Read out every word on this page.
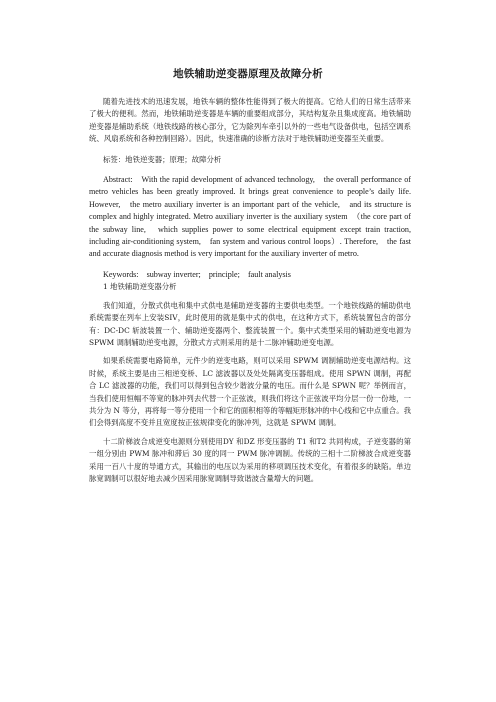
地铁辅助逆变器原理及故障分析

随着先进技术的迅速发展，地铁车辆的整体性能得到了极大的提高。它给人们的日常生活带来了极大的便利。然而，地铁辅助逆变器是车辆的重要组成部分，其结构复杂且集成度高。地铁辅助逆变器是辅助系统（地铁线路的核心部分，它为除列车牵引以外的一些电气设备供电，包括空调系统、风扇系统和各种控制回路）。因此，快速准确的诊断方法对于地铁辅助逆变器至关重要。

标签：地铁逆变器；原理；故障分析

Abstract:　With the rapid development of advanced technology,　the overall performance of metro vehicles has been greatly improved. It brings great convenience to people’s daily life. However,　the metro auxiliary inverter is an important part of the vehicle,　and its structure is complex and highly integrated. Metro auxiliary inverter is the auxiliary system　（the core part of the subway line,　which supplies power to some electrical equipment except train traction,　including air-conditioning system,　fan system and various control loops）. Therefore,　the fast and accurate diagnosis method is very important for the auxiliary inverter of metro.

Keywords:　subway inverter;　principle;　fault analysis

1 地铁辅助逆变器分析

我们知道，分散式供电和集中式供电是辅助逆变器的主要供电类型。一个地铁线路的辅助供电系统需要在列车上安装SIV，此时使用的就是集中式的供电，在这种方式下，系统装置包含的部分有：DC-DC 斩波装置一个、辅助逆变器两个、整流装置一个。集中式类型采用的辅助逆变电源为 SPWM 调制辅助逆变电源，分散式方式则采用的是十二脉冲辅助逆变电源。

如果系统需要电路简单，元件少的逆变电路，则可以采用 SPWM 调制辅助逆变电源结构。这时候，系统主要是由三相逆变桥、LC 滤波器以及处处隔离变压器组成。使用 SPWN 调制，再配合 LC 滤波器的功能，我们可以得到包含较少谐波分量的电压。而什么是 SPWN 呢？举例而言，当我们使用恒幅不等宽的脉冲列去代替一个正弦波，则我们将这个正弦波平均分层一份一份地，一共分为 N 等分，再将每一等分使用一个和它的面积相等的等幅矩形脉冲的中心线和它中点重合。我们会得到高度不变并且宽度按正弦规律变化的脉冲列，这就是 SPWM 调制。

十二阶梯波合成逆变电源则分别使用DY 和DZ 形变压器的 T1 和T2 共同构成，子逆变器的第一组分别由 PWM 脉冲和滞后 30 度的同一 PWM 脉冲调制。传统的三相十二阶梯波合成逆变器采用一百八十度的导通方式，其输出的电压以为采用的移项调压技术变化，有着很多的缺陷。单边脉宽调制可以很好地去减少因采用脉宽调制导致谐波含量增大的问题。
